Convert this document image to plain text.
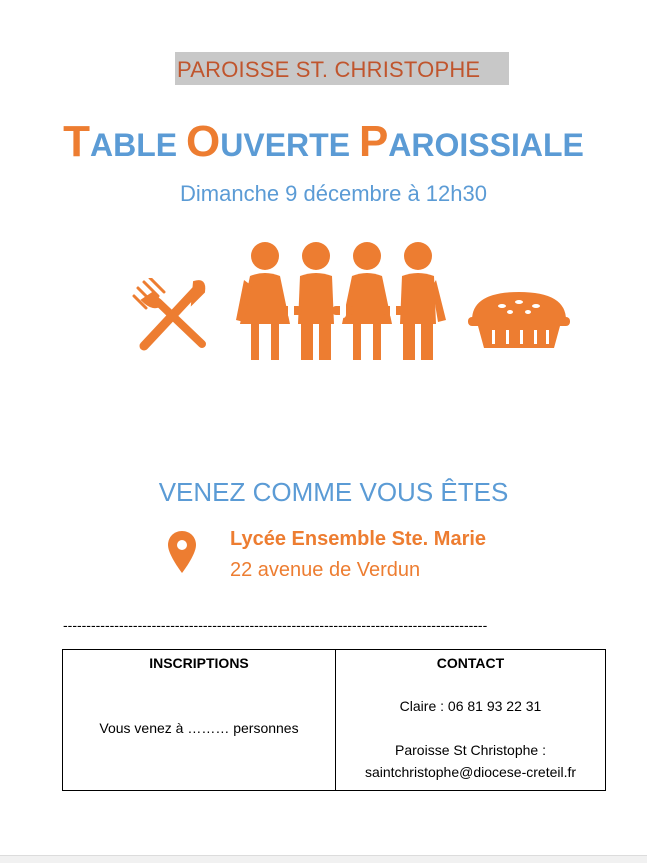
PAROISSE ST. CHRISTOPHE
TABLE OUVERTE PAROISSIALE
Dimanche 9 décembre à 12h30
VENEZ COMME VOUS ÊTES
Lycée Ensemble Ste. Marie
22 avenue de Verdun
-------------------------------------------------------------------------------------------
INSCRIPTIONS
Vous venez à ……… personnes
CONTACT
Claire : 06 81 93 22 31
Paroisse St Christophe :
saintchristophe@diocese-creteil.fr
